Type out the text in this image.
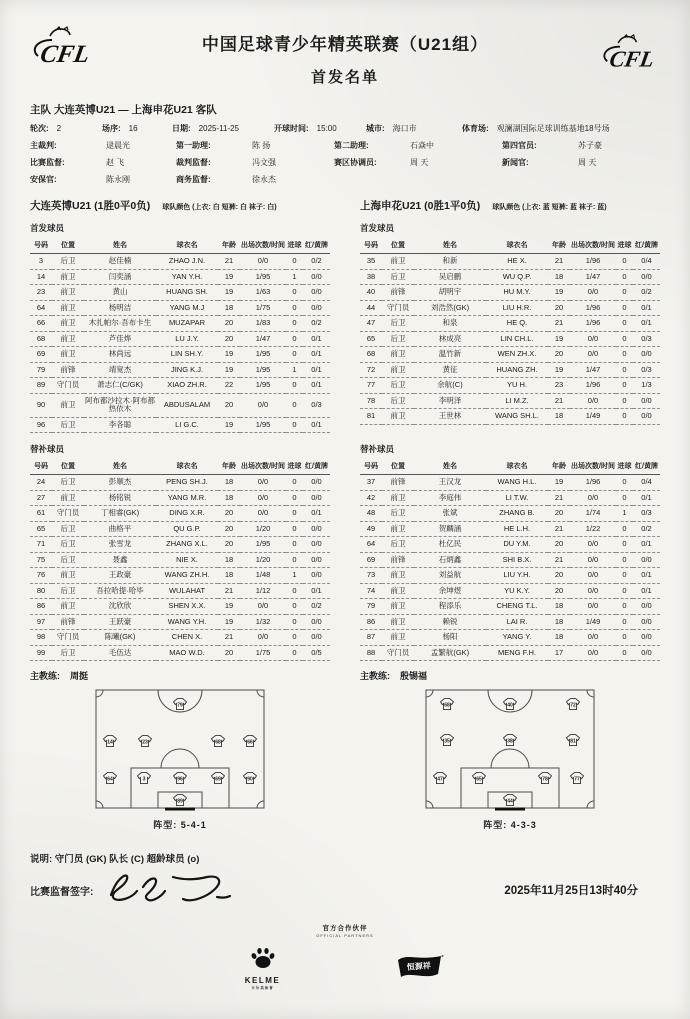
CFL	中国足球青少年精英联赛（U21组）
首发名单
CFL
主队 大连英博U21 — 上海申花U21 客队
轮次: 2	场序: 16	日期: 2025-11-25	开球时间: 15:00	城市: 海口市	体育场: 观澜湖国际足球训练基地18号场
主裁判:	逯晨光	第一助理:	陈 扬	第二助理:	石焱中	第四官员:	苏子豪
比赛监督:	赵 飞	裁判监督:	冯文强	赛区协调员:	周 天	新闻官:	周 天
安保官:	陈永刚	商务监督:	徐永杰
大连英博U21 (1胜0平0负) 球队颜色 (上衣: 白 短裤: 白 袜子: 白)
首发球员
号码	位置	姓名	球衣名	年龄	出场次数/时间	进球	红/黄牌
3	后卫	赵佳楠	ZHAO J.N.	21	0/0	0	0/2
14	前卫	闫奕涵	YAN Y.H.	19	1/95	1	0/0
23	前卫	黄山	HUANG SH.	19	1/63	0	0/0
64	前卫	杨明洁	YANG M.J	18	1/75	0	0/0
66	前卫	木扎帕尔·吾布卡生	MUZAPAR	20	1/83	0	0/2
68	前卫	芦佳烨	LU J.Y.	20	1/47	0	0/1
69	前卫	林尚远	LIN SH.Y.	19	1/95	0	0/1
79	前锋	靖宽杰	JING K.J.	19	1/95	1	0/1
89	守门员	萧志仁(C/GK)	XIAO ZH.R.	22	1/95	0	0/1
90	前卫	阿布都沙拉木·阿布都热依木	ABDUSALAM	20	0/0	0	0/3
96	后卫	李各聪	LI G.C.	19	1/95	0	0/1
替补球员
号码	位置	姓名	球衣名	年龄	出场次数/时间	进球	红/黄牌
24	后卫	彭顺杰	PENG SH.J.	18	0/0	0	0/0
27	前卫	杨铭锐	YANG M.R.	18	0/0	0	0/0
61	守门员	丁相睿(GK)	DING X.R.	20	0/0	0	0/1
65	后卫	曲格平	QU G.P.	20	1/20	0	0/0
71	后卫	张雪龙	ZHANG X.L.	20	1/95	0	0/0
75	后卫	聂鑫	NIE X.	18	1/20	0	0/0
76	前卫	王政豪	WANG ZH.H.	18	1/48	1	0/0
80	后卫	吾拉哈提·哈毕	WULAHAT	21	1/12	0	0/1
86	前卫	沈欣欣	SHEN X.X.	19	0/0	0	0/2
97	前锋	王跃豪	WANG Y.H.	19	1/32	0	0/0
98	守门员	陈曦(GK)	CHEN X.	21	0/0	0	0/0
99	后卫	毛伍达	MAO W.D.	20	1/75	0	0/5
主教练: 周挺
79
14	23	68	66
64	3	96	69	90
89
阵型: 5-4-1
上海申花U21 (0胜1平0负) 球队颜色 (上衣: 蓝 短裤: 蓝 袜子: 蓝)
首发球员
号码	位置	姓名	球衣名	年龄	出场次数/时间	进球	红/黄牌
35	前卫	和新	HE X.	21	1/96	0	0/4
38	后卫	吴启鹏	WU Q.P.	18	1/47	0	0/0
40	前锋	胡明宇	HU M.Y.	19	0/0	0	0/2
44	守门员	刘浩然(GK)	LIU H.R.	20	1/96	0	0/1
47	后卫	和泉	HE Q.	21	1/96	0	0/1
65	后卫	林成亮	LIN CH.L.	19	0/0	0	0/3
68	前卫	温竹新	WEN ZH.X.	20	0/0	0	0/0
72	前卫	黄征	HUANG ZH.	19	1/47	0	0/3
77	后卫	余航(C)	YU H.	23	1/96	0	1/3
78	后卫	李明泽	LI M.Z.	21	0/0	0	0/0
81	前卫	王世林	WANG SH.L.	18	1/49	0	0/0
替补球员
号码	位置	姓名	球衣名	年龄	出场次数/时间	进球	红/黄牌
37	前锋	王汉龙	WANG H.L.	19	1/96	0	0/4
42	前卫	李庭伟	LI T.W.	21	0/0	0	0/1
48	后卫	张斌	ZHANG B.	20	1/74	1	0/3
49	前卫	贺麟涵	HE L.H.	21	1/22	0	0/2
64	后卫	杜亿民	DU Y.M.	20	0/0	0	0/1
69	前锋	石炳鑫	SHI B.X.	21	0/0	0	0/0
73	前卫	刘益航	LIU Y.H.	20	0/0	0	0/1
74	前卫	余坤煜	YU K.Y.	20	0/0	0	0/1
79	前卫	程添乐	CHENG T.L.	18	0/0	0	0/0
86	前卫	赖锐	LAI R.	18	1/49	0	0/0
87	前卫	杨阳	YANG Y.	18	0/0	0	0/0
88	守门员	孟繁航(GK)	MENG F.H.	17	0/0	0	0/0
主教练: 殷锡福
68	40	72
35	38	81
47	65	78	77
44
阵型: 4-3-3
说明: 守门员 (GK) 队长 (C) 超龄球员 (o)
比赛监督签字:	2025年11月25日13时40分
官方合作伙伴
OFFICIAL PARTNERS
KELME
卡尔美体育
恒源祥
